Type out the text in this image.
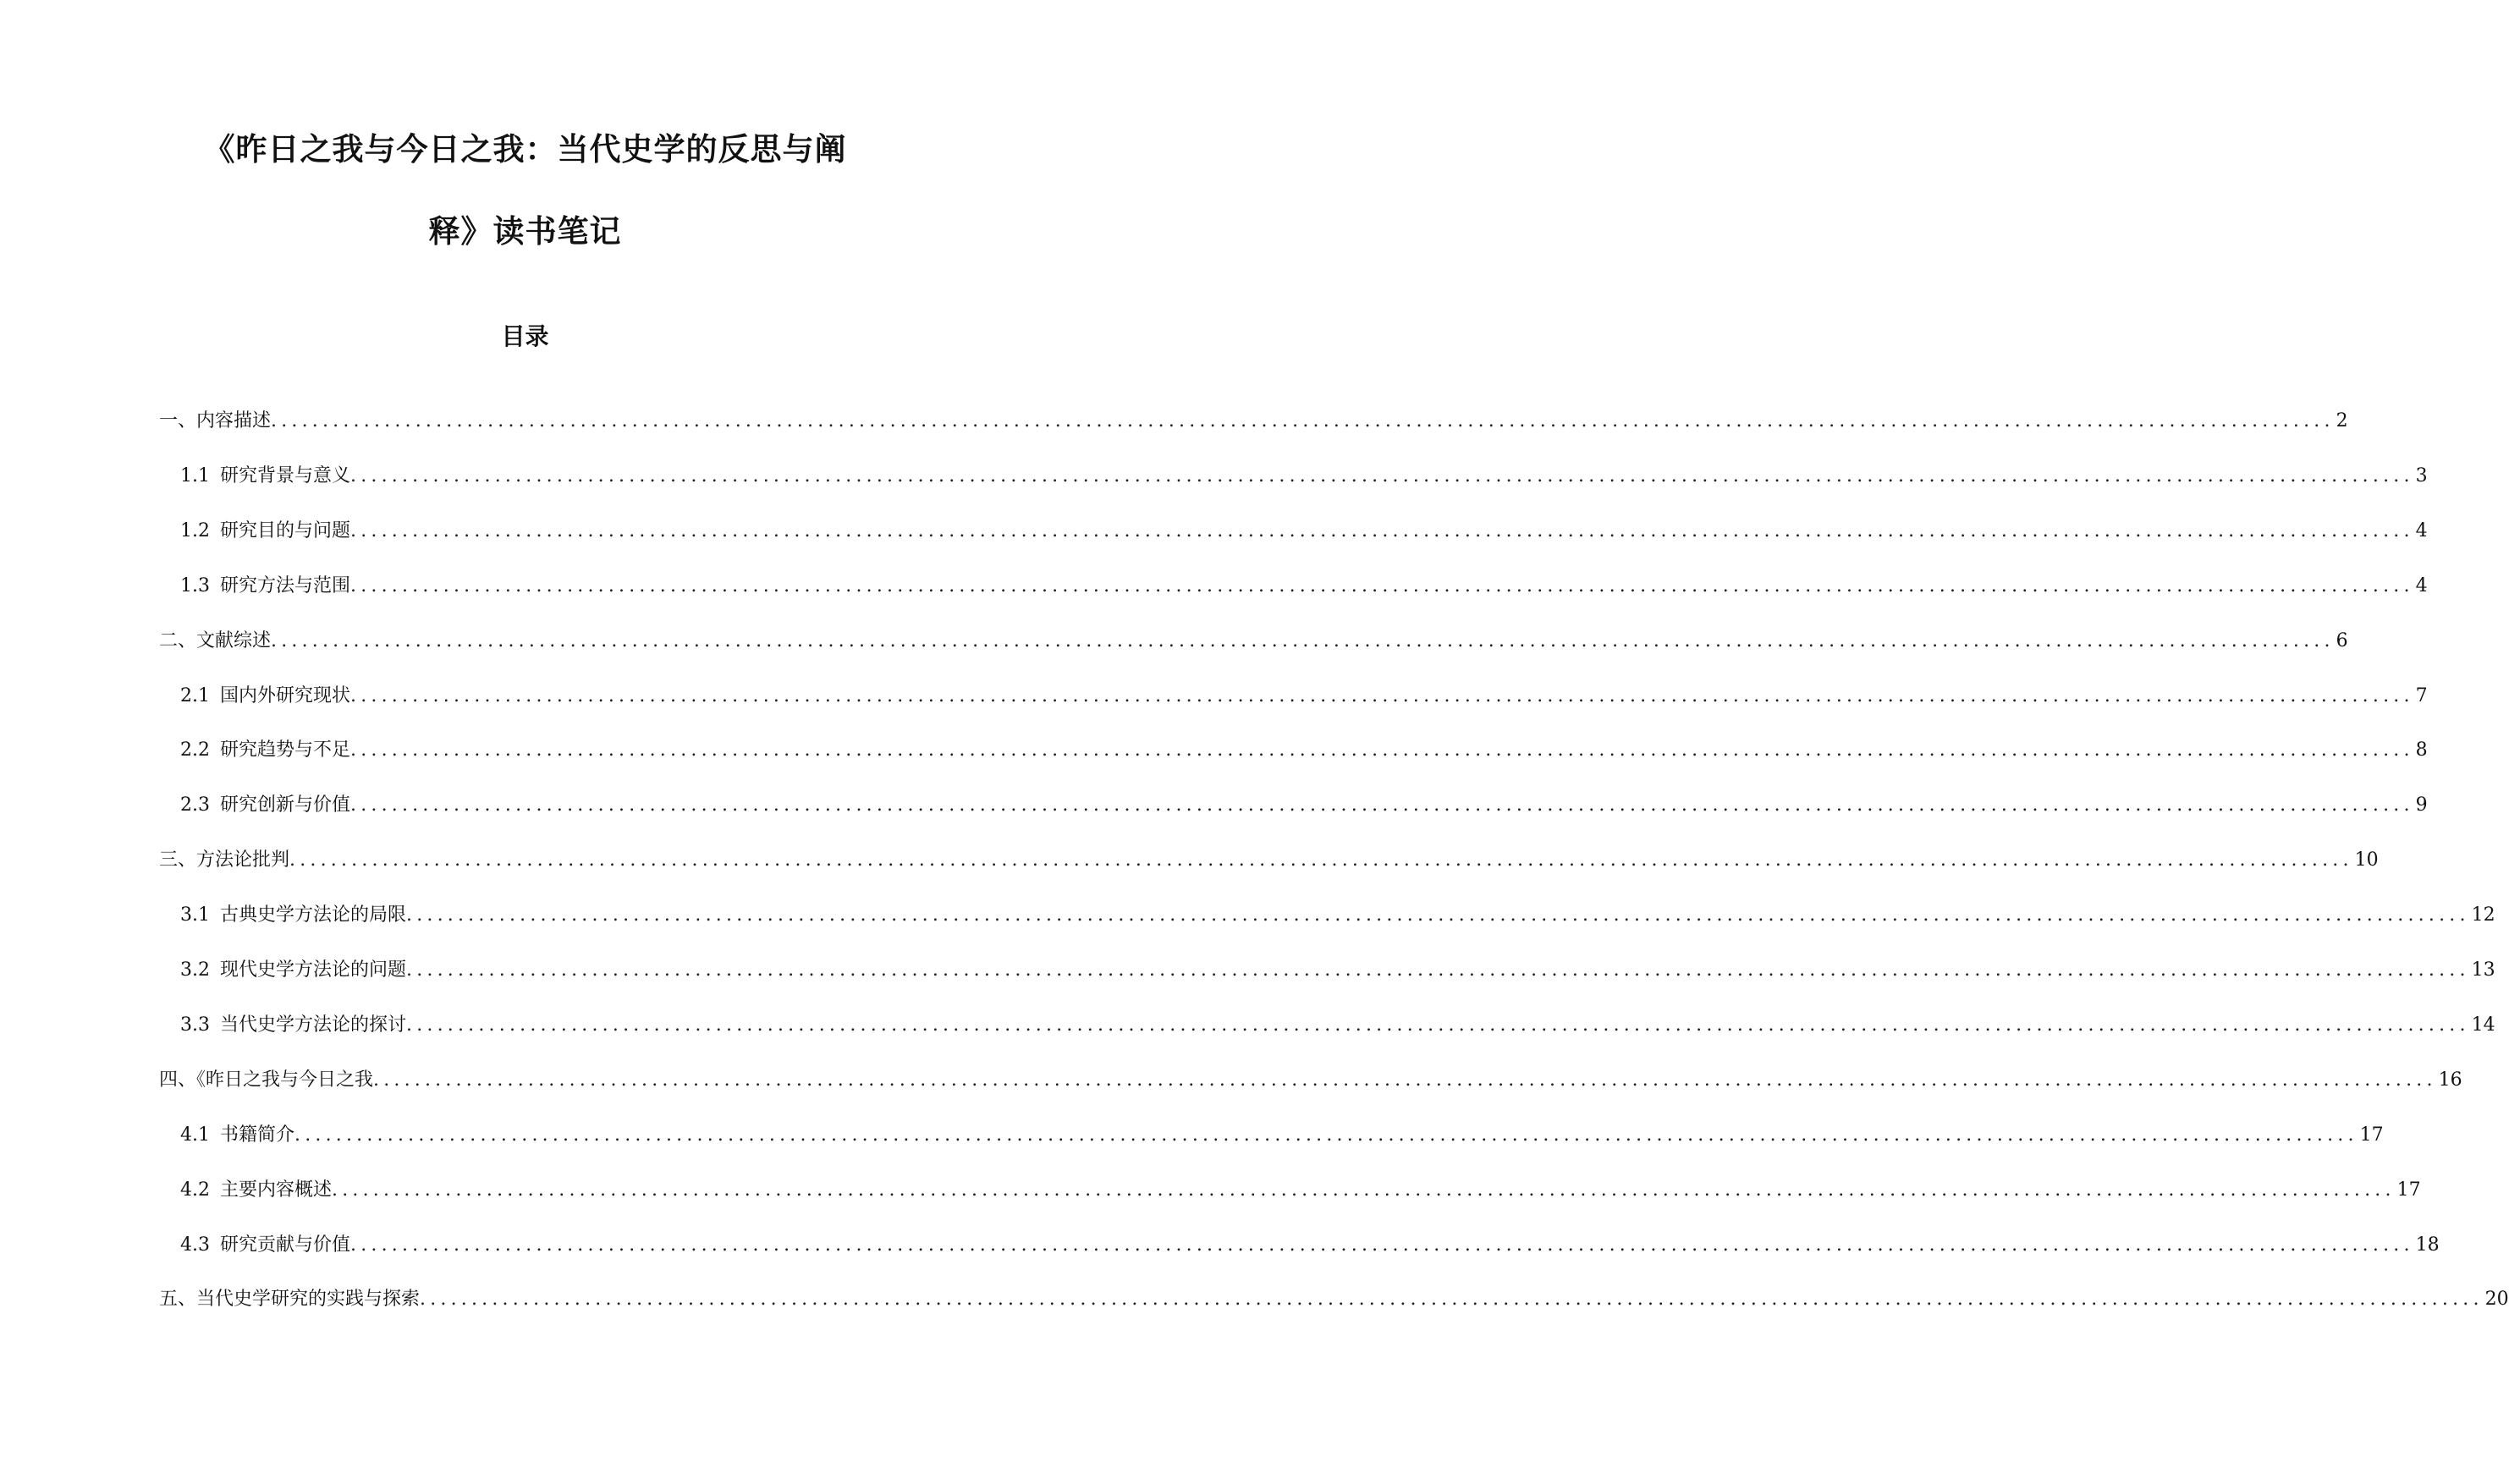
《昨日之我与今日之我：当代史学的反思与阐
释》读书笔记
目录
一、内容描述 ........................................................................................................................................................................................................ 2
1.1 研究背景与意义 ........................................................................................................................................................................................................ 3
1.2 研究目的与问题 ........................................................................................................................................................................................................ 4
1.3 研究方法与范围 ........................................................................................................................................................................................................ 4
二、文献综述 ........................................................................................................................................................................................................ 6
2.1 国内外研究现状 ........................................................................................................................................................................................................ 7
2.2 研究趋势与不足 ........................................................................................................................................................................................................ 8
2.3 研究创新与价值 ........................................................................................................................................................................................................ 9
三、方法论批判 ........................................................................................................................................................................................................ 10
3.1 古典史学方法论的局限 ........................................................................................................................................................................................................ 12
3.2 现代史学方法论的问题 ........................................................................................................................................................................................................ 13
3.3 当代史学方法论的探讨 ........................................................................................................................................................................................................ 14
四、《昨日之我与今日之我 ........................................................................................................................................................................................................ 16
4.1 书籍简介 ........................................................................................................................................................................................................ 17
4.2 主要内容概述 ........................................................................................................................................................................................................ 17
4.3 研究贡献与价值 ........................................................................................................................................................................................................ 18
五、当代史学研究的实践与探索 ........................................................................................................................................................................................................ 20
